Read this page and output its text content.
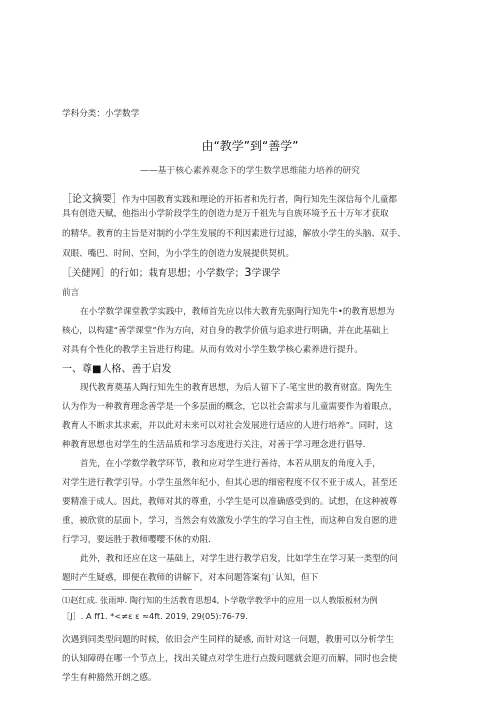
学科分类：小学数学
由“教学”到“善学”
——基于核心素养观念下的学生数学思维能力培养的研究
［论文摘要］作为中国教育实践和理论的开拓者和先行者，陶行知先生深信每个儿童都
具有创造天赋，他指出小学阶段学生的创造力是万千祖先与自族环境予五十万年才获取
的精华。教育的主旨是对制约小学生发展的不利因素进行过滤，解放小学生的头脑、双手、
双眼、嘴巴、时间、空间，为小学生的创造力发展提供契机。
［关健网］的行如；栽育思想；小学数学；3学课学
前言
在小学数学课堂教学实践中，教师首先应以伟大教育先驱陶行知先牛•的教育思想为
核心，以构建“善学课堂”作为方向，对自身的教学价值与追求进行明确，并在此基础上
对具有个性化的教学主旨进行构建。从而有效对小学生数学核心素养进行提升。
一、尊■人格、善于启发
现代教育奠基人陶行知先生的教育思想，为后人留下了-笔宝世的教育财富。陶先生
认为作为一种教育理念善学是一个多层面的概念，它以社会需求与儿童需要作为着眼点，
教育人不断求其求索，并以此对未来可以对社会发展进行适应的人进行培养”。同时，这
种教育思想也对学生的生活品质和学习态度进行关注，对善于学习理念进行倡导.
首先，在小学数学教学环节，教和应对学生进行善待，本若从朋友的角度入手，
对学生进行教学引导。小学生虽然年纪小，但其心思的细密程度不仅不亚于成人，甚至还
要精准于成人。因此，教师对其的尊重，小学生是可以准确感受到的。试想，在这种被尊
重，被欣赏的层面卜，学习，当然会有效激发小学生的学习自主性，而这种自发自愿的进
行学习，要远胜于教师嘤嘤不休的劝阻.
此外，教和还应在这一基础上，对学生进行教学启发，比如学生在学习某一类型的问
题时产生疑惑，即便在教师的讲解下，对本问题答案有j˙认知，但下
⑴赵红成. 张雨坤. 陶行知的生活教育思想4, 卜学敬学教学中的应用一以人教版板材为例
［J］. A ff1. *<≠ε ε ≈4ft. 2019, 29(05):76-79.
次遇到同类型问题的时候，依旧会产生同样的疑惑, 而针对这一问题，教册可以分析学生
的认知障碍在哪一个节点上，找出关键点对学生进行点拨问题就会迎刃而解，同时也会使
学生有种豁然开朗之感。
